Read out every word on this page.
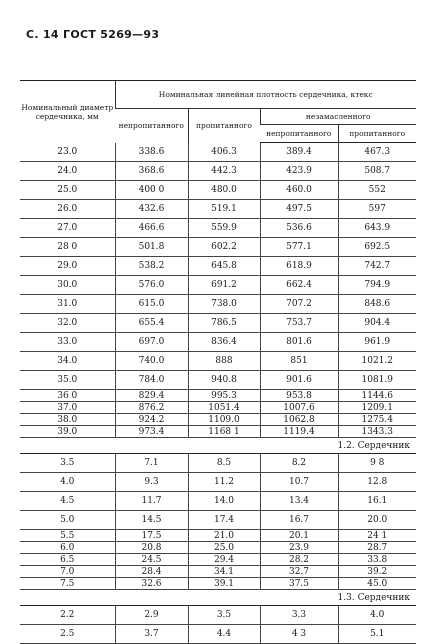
С. 14 ГОСТ 5269—93
Номинальный диаметр сердечника, мм	Номинальная линейная плотность сердечника, ктекс			
	непропитанного	пропитанного	незамасленного	
			непропитанного	пропитанного
23.0	338.6	406.3	389.4	467.3
24.0	368.6	442.3	423.9	508.7
25.0	400 0	480.0	460.0	552
26.0	432.6	519.1	497.5	597
27.0	466.6	559.9	536.6	643.9
28 0	501.8	602.2	577.1	692.5
29.0	538.2	645.8	618.9	742.7
30.0	576.0	691.2	662.4	794.9
31.0	615.0	738.0	707.2	848.6
32.0	655.4	786.5	753.7	904.4
33.0	697.0	836.4	801.6	961.9
34.0	740.0	888	851	1021.2
35.0	784.0	940.8	901.6	1081.9
36 0	829.4	995.3	953.8	1144.6
37.0	876.2	1051.4	1007.6	1209.1
38.0	924.2	1109.0	1062.8	1275.4
39.0	973.4	1168 1	1119.4	1343.3
1.2. Сердечник				
3.5	7.1	8.5	8.2	9 8
4.0	9.3	11.2	10.7	12.8
4.5	11.7	14.0	13.4	16.1
5.0	14.5	17.4	16.7	20.0
5.5	17.5	21.0	20.1	24 1
6.0	20.8	25.0	23.9	28.7
6.5	24.5	29.4	28.2	33.8
7.0	28.4	34.1	32.7	39.2
7.5	32.6	39.1	37.5	45.0
1.3. Сердечник				
2.2	2.9	3.5	3.3	4.0
2.5	3.7	4.4	4 3	5.1
